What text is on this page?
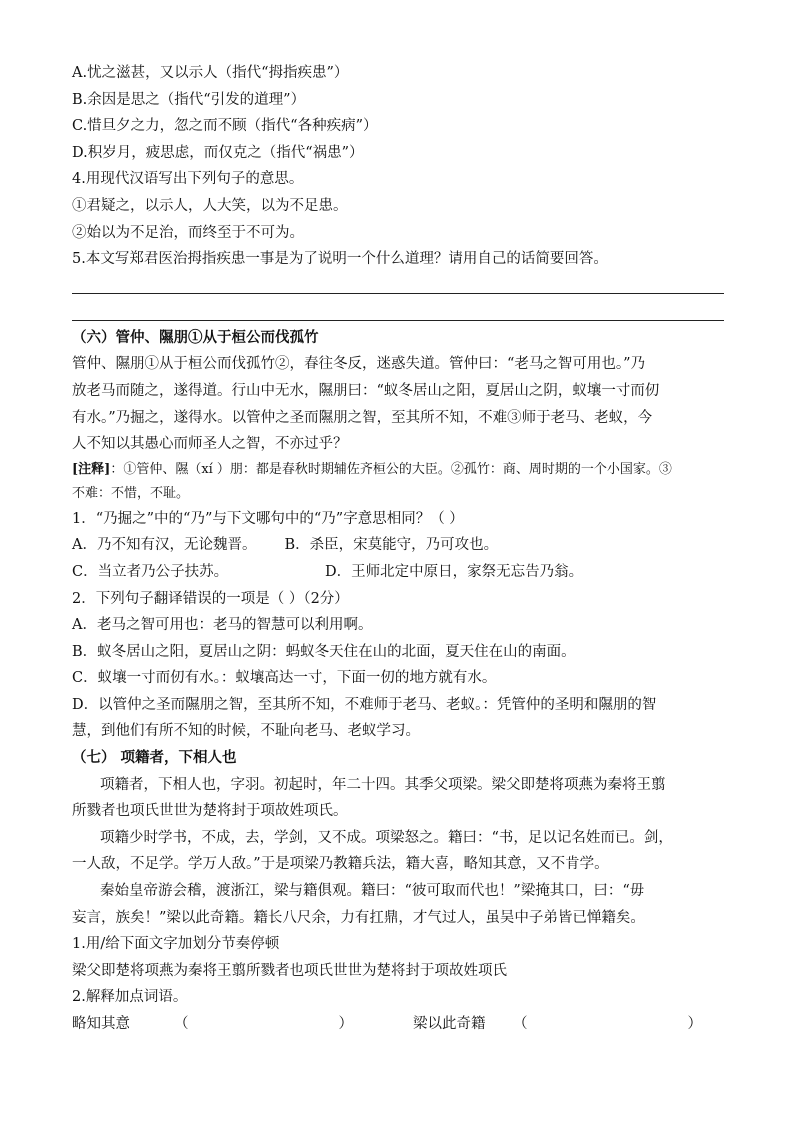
A.忧之滋甚，又以示人（指代“拇指疾患”）
B.余因是思之（指代“引发的道理”）
C.惜旦夕之力，忽之而不顾（指代“各种疾病”）
D.积岁月，疲思虑，而仅克之（指代“祸患”）
4.用现代汉语写出下列句子的意思。
①君疑之，以示人，人大笑，以为不足患。
②始以为不足治，而终至于不可为。
5.本文写郑君医治拇指疾患一事是为了说明一个什么道理？请用自己的话简要回答。
（六）管仲、隰朋①从于桓公而伐孤竹
管仲、隰朋①从于桓公而伐孤竹②，春往冬反，迷惑失道。管仲曰：“老马之智可用也。”乃
放老马而随之，遂得道。行山中无水，隰朋曰：“蚁冬居山之阳，夏居山之阴，蚁壤一寸而仞
有水。”乃掘之，遂得水。以管仲之圣而隰朋之智，至其所不知，不难③师于老马、老蚁，今
人不知以其愚心而师圣人之智，不亦过乎？
[注释]：①管仲、隰（xí ）朋：都是春秋时期辅佐齐桓公的大臣。②孤竹：商、周时期的一个小国家。③
不难：不惜，不耻。
1．“乃掘之”中的“乃”与下文哪句中的“乃”字意思相同？（ ）
A．乃不知有汉，无论魏晋。 B．杀臣，宋莫能守，乃可攻也。
C．当立者乃公子扶苏。	D．王师北定中原日，家祭无忘告乃翁。
2．下列句子翻译错误的一项是（ ）（2分）
A．老马之智可用也：老马的智慧可以利用啊。
B．蚁冬居山之阳，夏居山之阴：蚂蚁冬天住在山的北面，夏天住在山的南面。
C．蚁壤一寸而仞有水。：蚁壤高达一寸，下面一仞的地方就有水。
D．以管仲之圣而隰朋之智，至其所不知，不难师于老马、老蚁。：凭管仲的圣明和隰朋的智
慧，到他们有所不知的时候，不耻向老马、老蚁学习。
（七） 项籍者，下相人也
项籍者，下相人也，字羽。初起时，年二十四。其季父项梁。梁父即楚将项燕为秦将王翦
所戮者也项氏世世为楚将封于项故姓项氏。
项籍少时学书，不成，去，学剑，又不成。项梁怒之。籍曰：“书，足以记名姓而已。剑，
一人敌，不足学。学万人敌。”于是项梁乃教籍兵法，籍大喜，略知其意，又不肯学。
秦始皇帝游会稽，渡浙江，梁与籍俱观。籍曰：“彼可取而代也！”梁掩其口，曰：“毋
妄言，族矣！”梁以此奇籍。籍长八尺余，力有扛鼎，才气过人，虽吴中子弟皆已惮籍矣。
1.用/给下面文字加划分节奏停顿
梁父即楚将项燕为秦将王翦所戮者也项氏世世为楚将封于项故姓项氏
2.解释加点词语。
略知其意	（	）	梁以此奇籍	（	）
